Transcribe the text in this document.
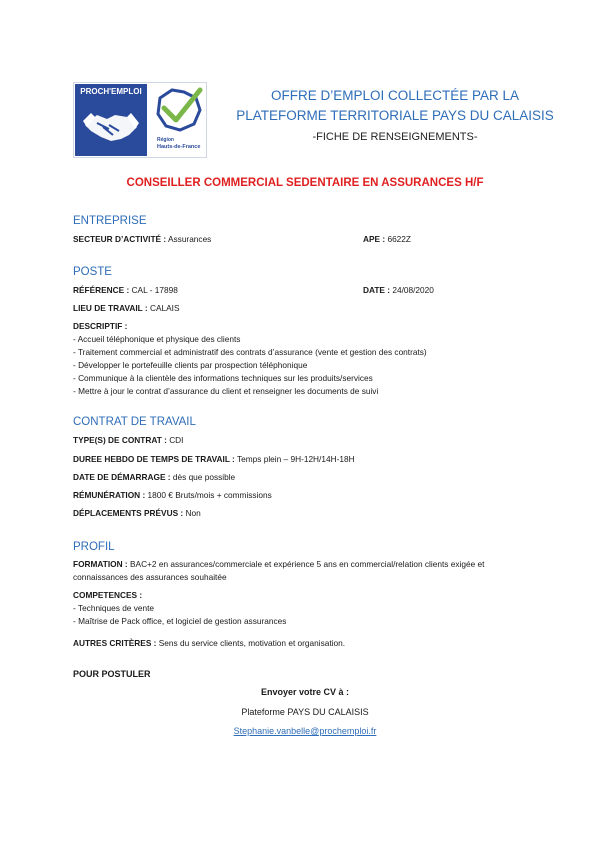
PROCH'EMPLOI
Région
Hauts-de-France
OFFRE D’EMPLOI COLLECTÉE PAR LA
PLATEFORME TERRITORIALE PAYS DU CALAISIS
-FICHE DE RENSEIGNEMENTS-
CONSEILLER COMMERCIAL SEDENTAIRE EN ASSURANCES H/F
ENTREPRISE
SECTEUR D’ACTIVITÉ : Assurances	APE : 6622Z
POSTE
RÉFÉRENCE : CAL - 17898	DATE : 24/08/2020
LIEU DE TRAVAIL : CALAIS
DESCRIPTIF :
- Accueil téléphonique et physique des clients
- Traitement commercial et administratif des contrats d’assurance (vente et gestion des contrats)
- Développer le portefeuille clients par prospection téléphonique
- Communique à la clientèle des informations techniques sur les produits/services
- Mettre à jour le contrat d’assurance du client et renseigner les documents de suivi
CONTRAT DE TRAVAIL
TYPE(S) DE CONTRAT : CDI
DUREE HEBDO DE TEMPS DE TRAVAIL : Temps plein – 9H-12H/14H-18H
DATE DE DÉMARRAGE : dès que possible
RÉMUNÉRATION : 1800 € Bruts/mois + commissions
DÉPLACEMENTS PRÉVUS : Non
PROFIL
FORMATION : BAC+2 en assurances/commerciale et expérience 5 ans en commercial/relation clients exigée et
connaissances des assurances souhaitée
COMPETENCES :
- Techniques de vente
- Maîtrise de Pack office, et logiciel de gestion assurances
AUTRES CRITÈRES : Sens du service clients, motivation et organisation.
POUR POSTULER
Envoyer votre CV à :
Plateforme PAYS DU CALAISIS
Stephanie.vanbelle@prochemploi.fr
